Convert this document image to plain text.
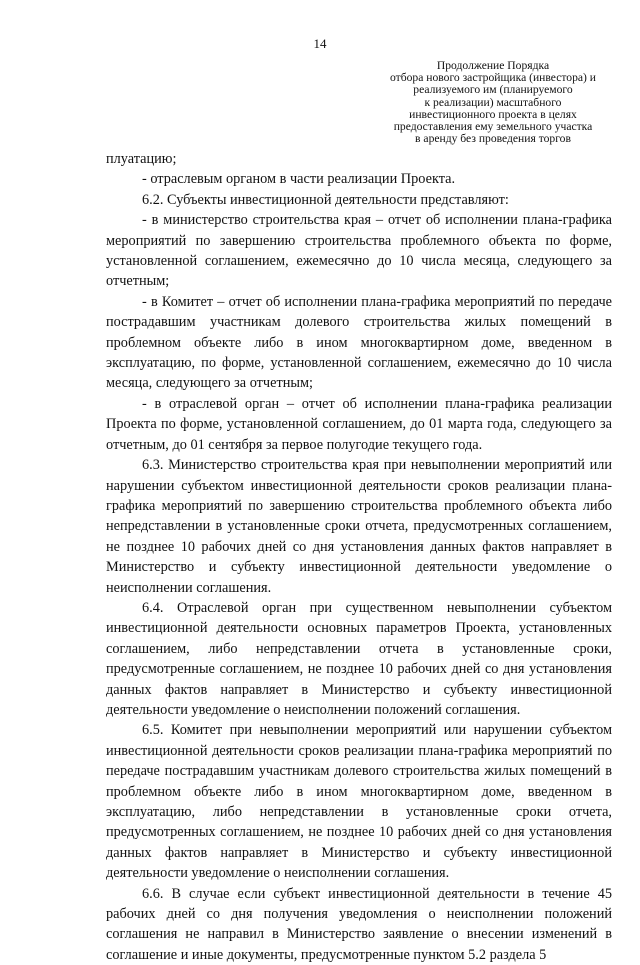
14
Продолжение Порядка
отбора нового застройщика (инвестора) и
реализуемого им (планируемого
к реализации) масштабного
инвестиционного проекта в целях
предоставления ему земельного участка
в аренду без проведения торгов
плуатацию;
- отраслевым органом в части реализации Проекта.
6.2. Субъекты инвестиционной деятельности представляют:
- в министерство строительства края – отчет об исполнении плана-графика мероприятий по завершению строительства проблемного объекта по форме, установленной соглашением, ежемесячно до 10 числа месяца, следующего за отчетным;
- в Комитет – отчет об исполнении плана-графика мероприятий по передаче пострадавшим участникам долевого строительства жилых помещений в проблемном объекте либо в ином многоквартирном доме, введенном в эксплуатацию, по форме, установленной соглашением, ежемесячно до 10 числа месяца, следующего за отчетным;
- в отраслевой орган – отчет об исполнении плана-графика реализации Проекта по форме, установленной соглашением, до 01 марта года, следующего за отчетным, до 01 сентября за первое полугодие текущего года.
6.3. Министерство строительства края при невыполнении мероприятий или нарушении субъектом инвестиционной деятельности сроков реализации плана-графика мероприятий по завершению строительства проблемного объекта либо непредставлении в установленные сроки отчета, предусмотренных соглашением, не позднее 10 рабочих дней со дня установления данных фактов направляет в Министерство и субъекту инвестиционной деятельности уведомление о неисполнении соглашения.
6.4. Отраслевой орган при существенном невыполнении субъектом инвестиционной деятельности основных параметров Проекта, установленных соглашением, либо непредставлении отчета в установленные сроки, предусмотренные соглашением, не позднее 10 рабочих дней со дня установления данных фактов направляет в Министерство и субъекту инвестиционной деятельности уведомление о неисполнении положений соглашения.
6.5. Комитет при невыполнении мероприятий или нарушении субъектом инвестиционной деятельности сроков реализации плана-графика мероприятий по передаче пострадавшим участникам долевого строительства жилых помещений в проблемном объекте либо в ином многоквартирном доме, введенном в эксплуатацию, либо непредставлении в установленные сроки отчета, предусмотренных соглашением, не позднее 10 рабочих дней со дня установления данных фактов направляет в Министерство и субъекту инвестиционной деятельности уведомление о неисполнении соглашения.
6.6. В случае если субъект инвестиционной деятельности в течение 45 рабочих дней со дня получения уведомления о неисполнении положений соглашения не направил в Министерство заявление о внесении изменений в соглашение и иные документы, предусмотренные пунктом 5.2 раздела 5
